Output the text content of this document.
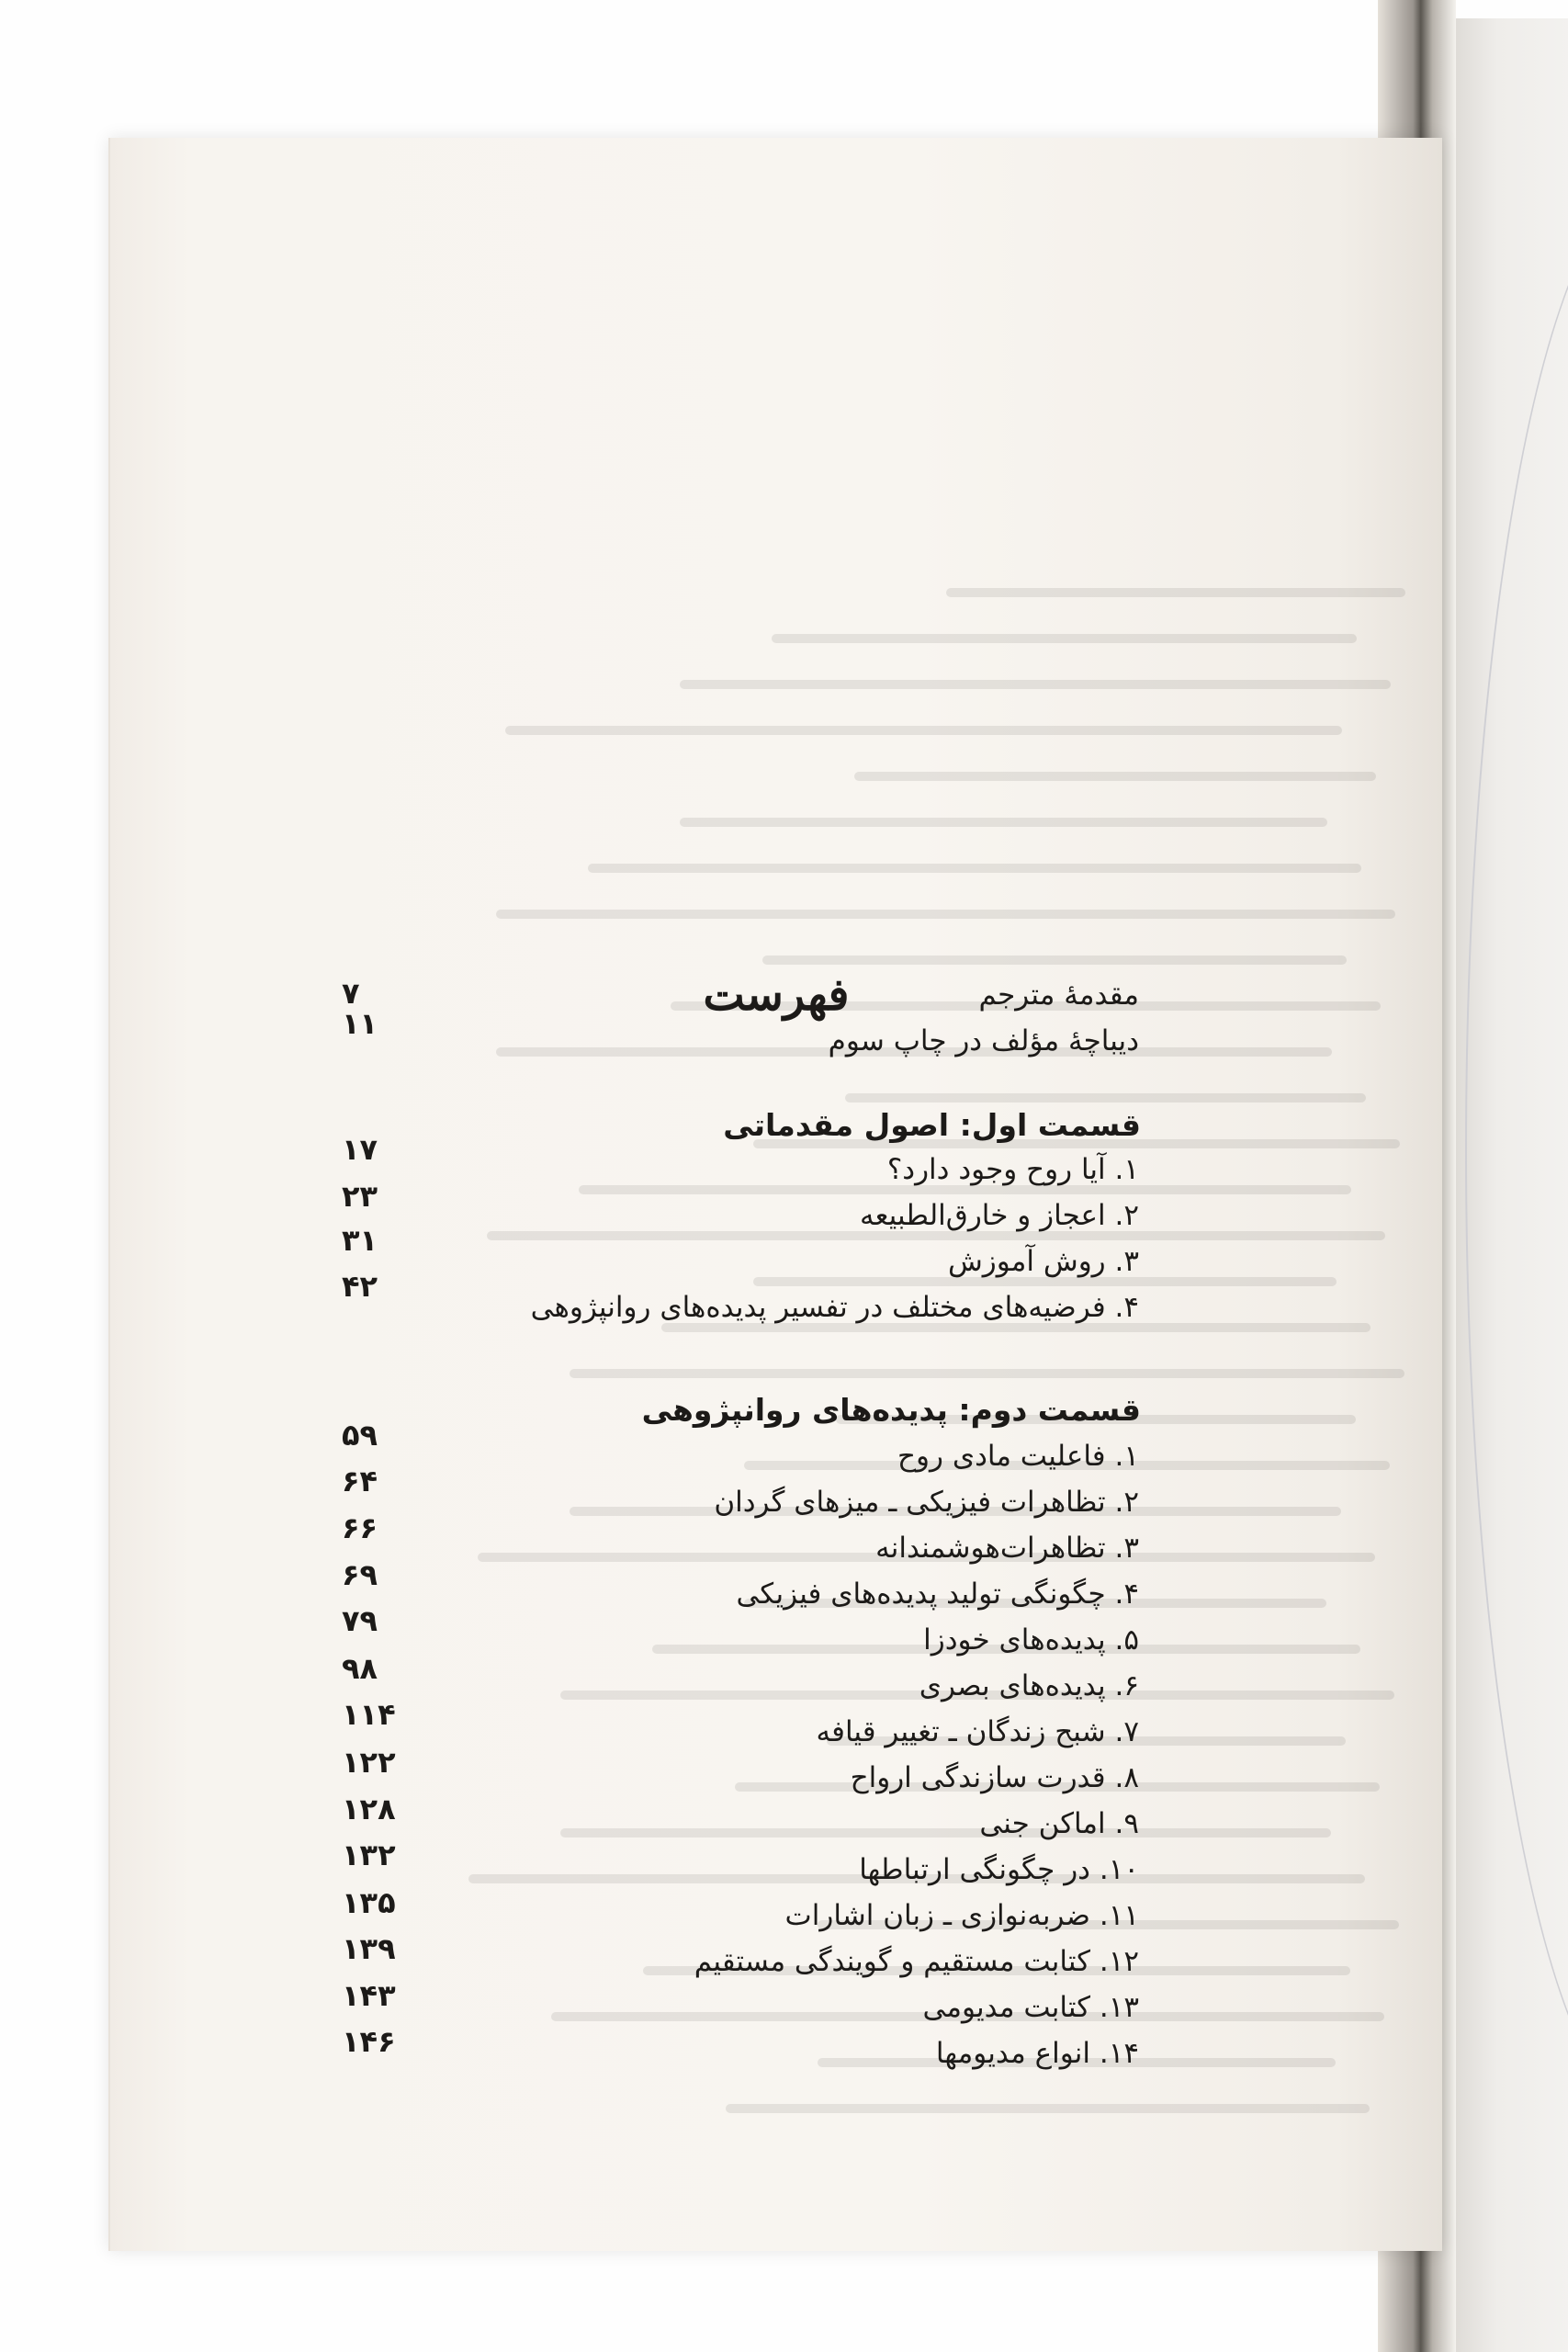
فهرست	مقدمهٔ مترجم
۷
دیباچهٔ مؤلف در چاپ سوم
۱۱
قسمت اول: اصول مقدماتی
۱. آیا روح وجود دارد؟
۱۷
۲. اعجاز و خارق‌الطبیعه
۲۳
۳. روش آموزش
۳۱
۴. فرضیه‌های مختلف در تفسیر پدیده‌های روانپژوهی
۴۲
قسمت دوم: پدیده‌های روانپژوهی
۱. فاعلیت مادی روح
۵۹
۲. تظاهرات فیزیکی ـ میزهای گردان
۶۴
۳. تظاهرات‌هوشمندانه
۶۶
۴. چگونگی تولید پدیده‌های فیزیکی
۶۹
۵. پدیده‌های خودزا
۷۹
۶. پدیده‌های بصری
۹۸
۷. شبح زندگان ـ تغییر قیافه
۱۱۴
۸. قدرت سازندگی ارواح
۱۲۲
۹. اماکن جنی
۱۲۸
۱۰. در چگونگی ارتباطها
۱۳۲
۱۱. ضربه‌نوازی ـ زبان اشارات
۱۳۵
۱۲. کتابت مستقیم و گویندگی مستقیم
۱۳۹
۱۳. کتابت مدیومی
۱۴۳
۱۴. انواع مدیومها
۱۴۶
